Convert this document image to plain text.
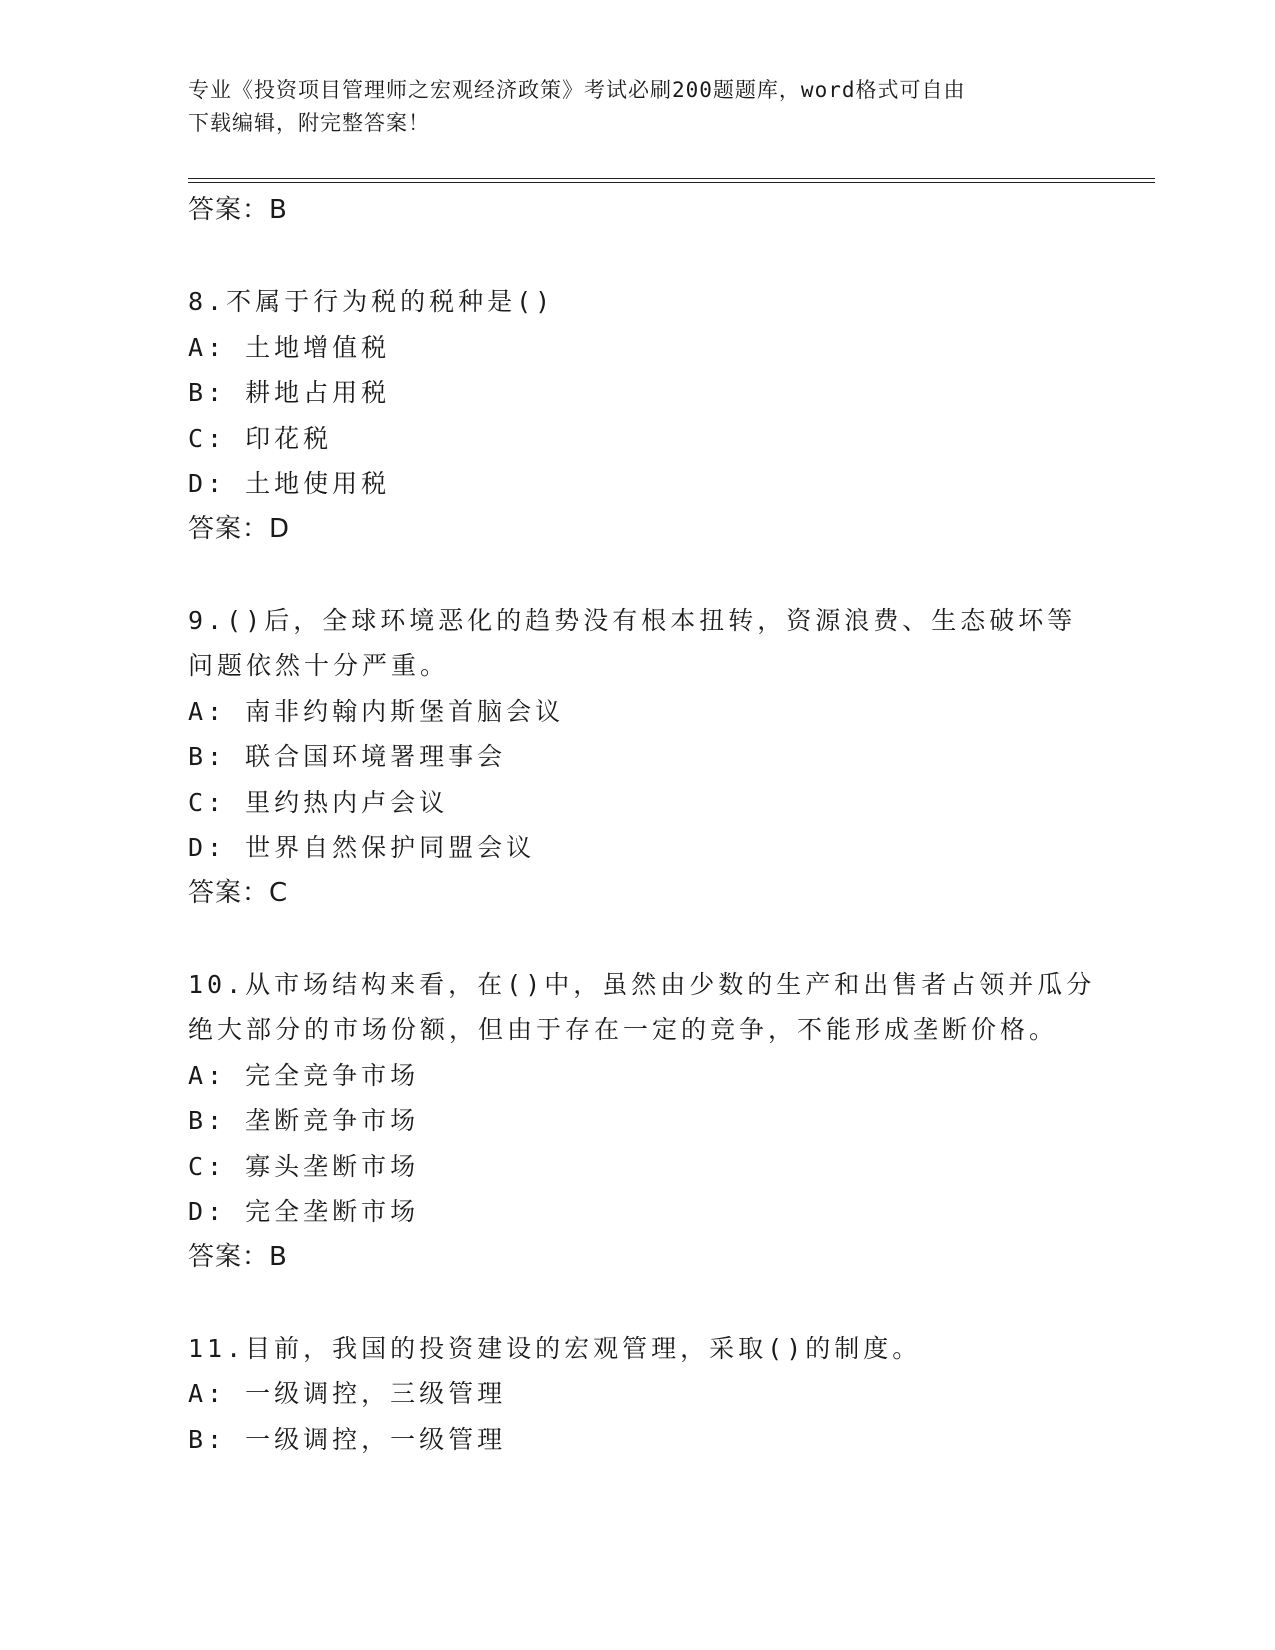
专业《投资项目管理师之宏观经济政策》考试必刷200题题库，word格式可自由
下载编辑，附完整答案！
答案：B
8.不属于行为税的税种是()
A: 土地增值税
B: 耕地占用税
C: 印花税
D: 土地使用税
答案：D
9.()后，全球环境恶化的趋势没有根本扭转，资源浪费、生态破坏等
问题依然十分严重。
A: 南非约翰内斯堡首脑会议
B: 联合国环境署理事会
C: 里约热内卢会议
D: 世界自然保护同盟会议
答案：C
10.从市场结构来看，在()中，虽然由少数的生产和出售者占领并瓜分
绝大部分的市场份额，但由于存在一定的竞争，不能形成垄断价格。
A: 完全竞争市场
B: 垄断竞争市场
C: 寡头垄断市场
D: 完全垄断市场
答案：B
11.目前，我国的投资建设的宏观管理，采取()的制度。
A: 一级调控，三级管理
B: 一级调控，一级管理
